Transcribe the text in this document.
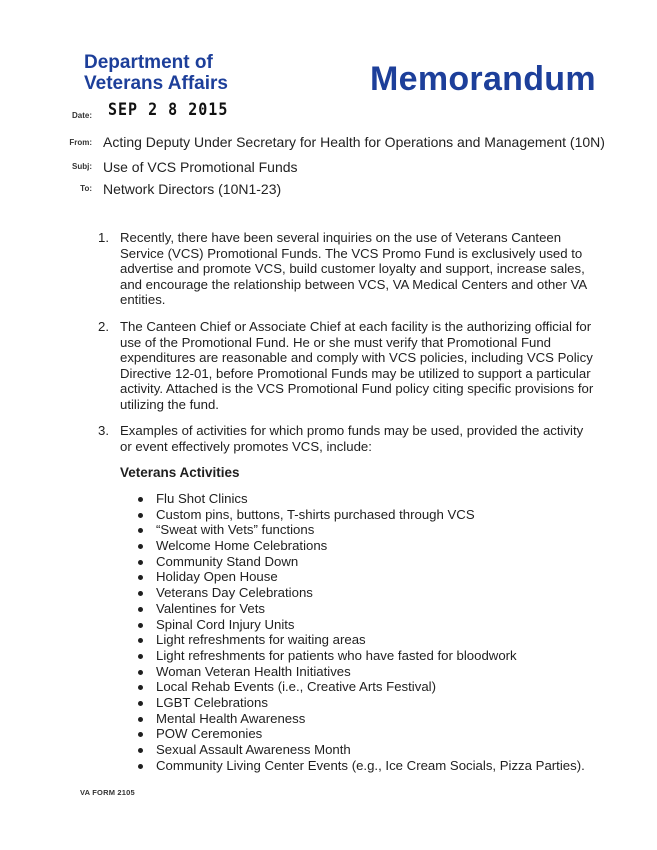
Department of
Veterans Affairs	Memorandum
Date: SEP 2 8 2015
From: Acting Deputy Under Secretary for Health for Operations and Management (10N)
Subj: Use of VCS Promotional Funds
To: Network Directors (10N1-23)
1. Recently, there have been several inquiries on the use of Veterans Canteen Service (VCS) Promotional Funds. The VCS Promo Fund is exclusively used to advertise and promote VCS, build customer loyalty and support, increase sales, and encourage the relationship between VCS, VA Medical Centers and other VA entities.
2. The Canteen Chief or Associate Chief at each facility is the authorizing official for use of the Promotional Fund. He or she must verify that Promotional Fund expenditures are reasonable and comply with VCS policies, including VCS Policy Directive 12-01, before Promotional Funds may be utilized to support a particular activity. Attached is the VCS Promotional Fund policy citing specific provisions for utilizing the fund.
3. Examples of activities for which promo funds may be used, provided the activity or event effectively promotes VCS, include:
Veterans Activities
Flu Shot Clinics
Custom pins, buttons, T-shirts purchased through VCS
“Sweat with Vets” functions
Welcome Home Celebrations
Community Stand Down
Holiday Open House
Veterans Day Celebrations
Valentines for Vets
Spinal Cord Injury Units
Light refreshments for waiting areas
Light refreshments for patients who have fasted for bloodwork
Woman Veteran Health Initiatives
Local Rehab Events (i.e., Creative Arts Festival)
LGBT Celebrations
Mental Health Awareness
POW Ceremonies
Sexual Assault Awareness Month
Community Living Center Events (e.g., Ice Cream Socials, Pizza Parties).
VA FORM 2105
